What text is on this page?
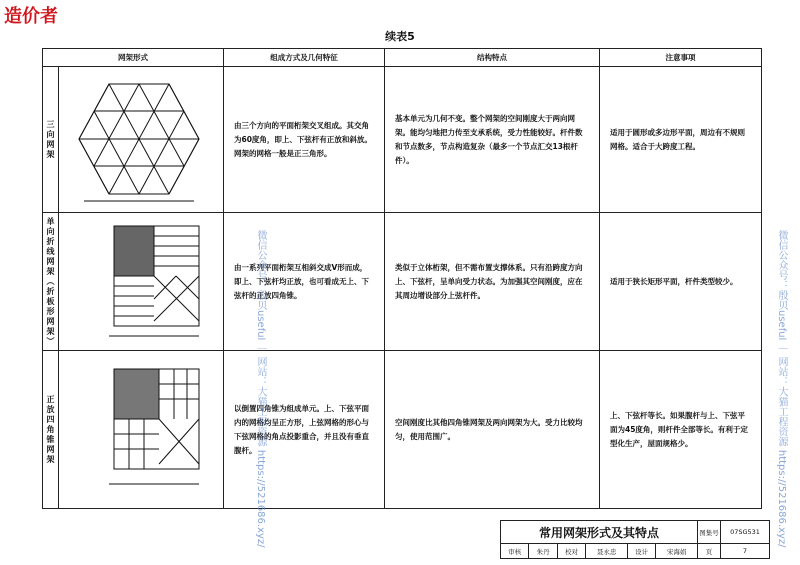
造价者
续表5
网架形式		组成方式及几何特征	结构特点	注意事项
三向网架		由三个方向的平面桁架交叉组成。其交角为60度角，即上、下弦杆有正放和斜放。网架的网格一般是正三角形。	基本单元为几何不变。整个网架的空间刚度大于两向网架。能均匀地把力传至支承系统，受力性能较好。杆件数和节点数多，节点构造复杂（最多一个节点汇交13根杆件）。	适用于圆形或多边形平面，周边有不规则网格。适合于大跨度工程。
单向折线网架（折板形网架）		由一系列平面桁架互相斜交成V形而成，即上、下弦杆均正放，也可看成无上、下弦杆的正放四角锥。	类似于立体桁架，但不需布置支撑体系。只有沿跨度方向上、下弦杆，呈单向受力状态。为加强其空间刚度，应在其周边增设部分上弦杆件。	适用于狭长矩形平面，杆件类型较少。
正放四角锥网架		以倒置四角锥为组成单元。上、下弦平面内的网格均呈正方形，上弦网格的形心与下弦网格的角点投影重合，并且没有垂直腹杆。	空间刚度比其他四角锥网架及两向网架为大。受力比较均匀，使用范围广。	上、下弦杆等长。如果腹杆与上、下弦平面为45度角，则杆件全部等长。有利于定型化生产，屋面规格少。
微信公众号：殷贝useful ｜ 网站：大猫工程资源 https://521686.xyz/	微信公众号：殷贝useful ｜ 网站：大猫工程资源 https://521686.xyz/
常用网架形式及其特点						图集号	07SG531
审核	朱丹	校对	聂永忠	设计	宋海娟	页	7
